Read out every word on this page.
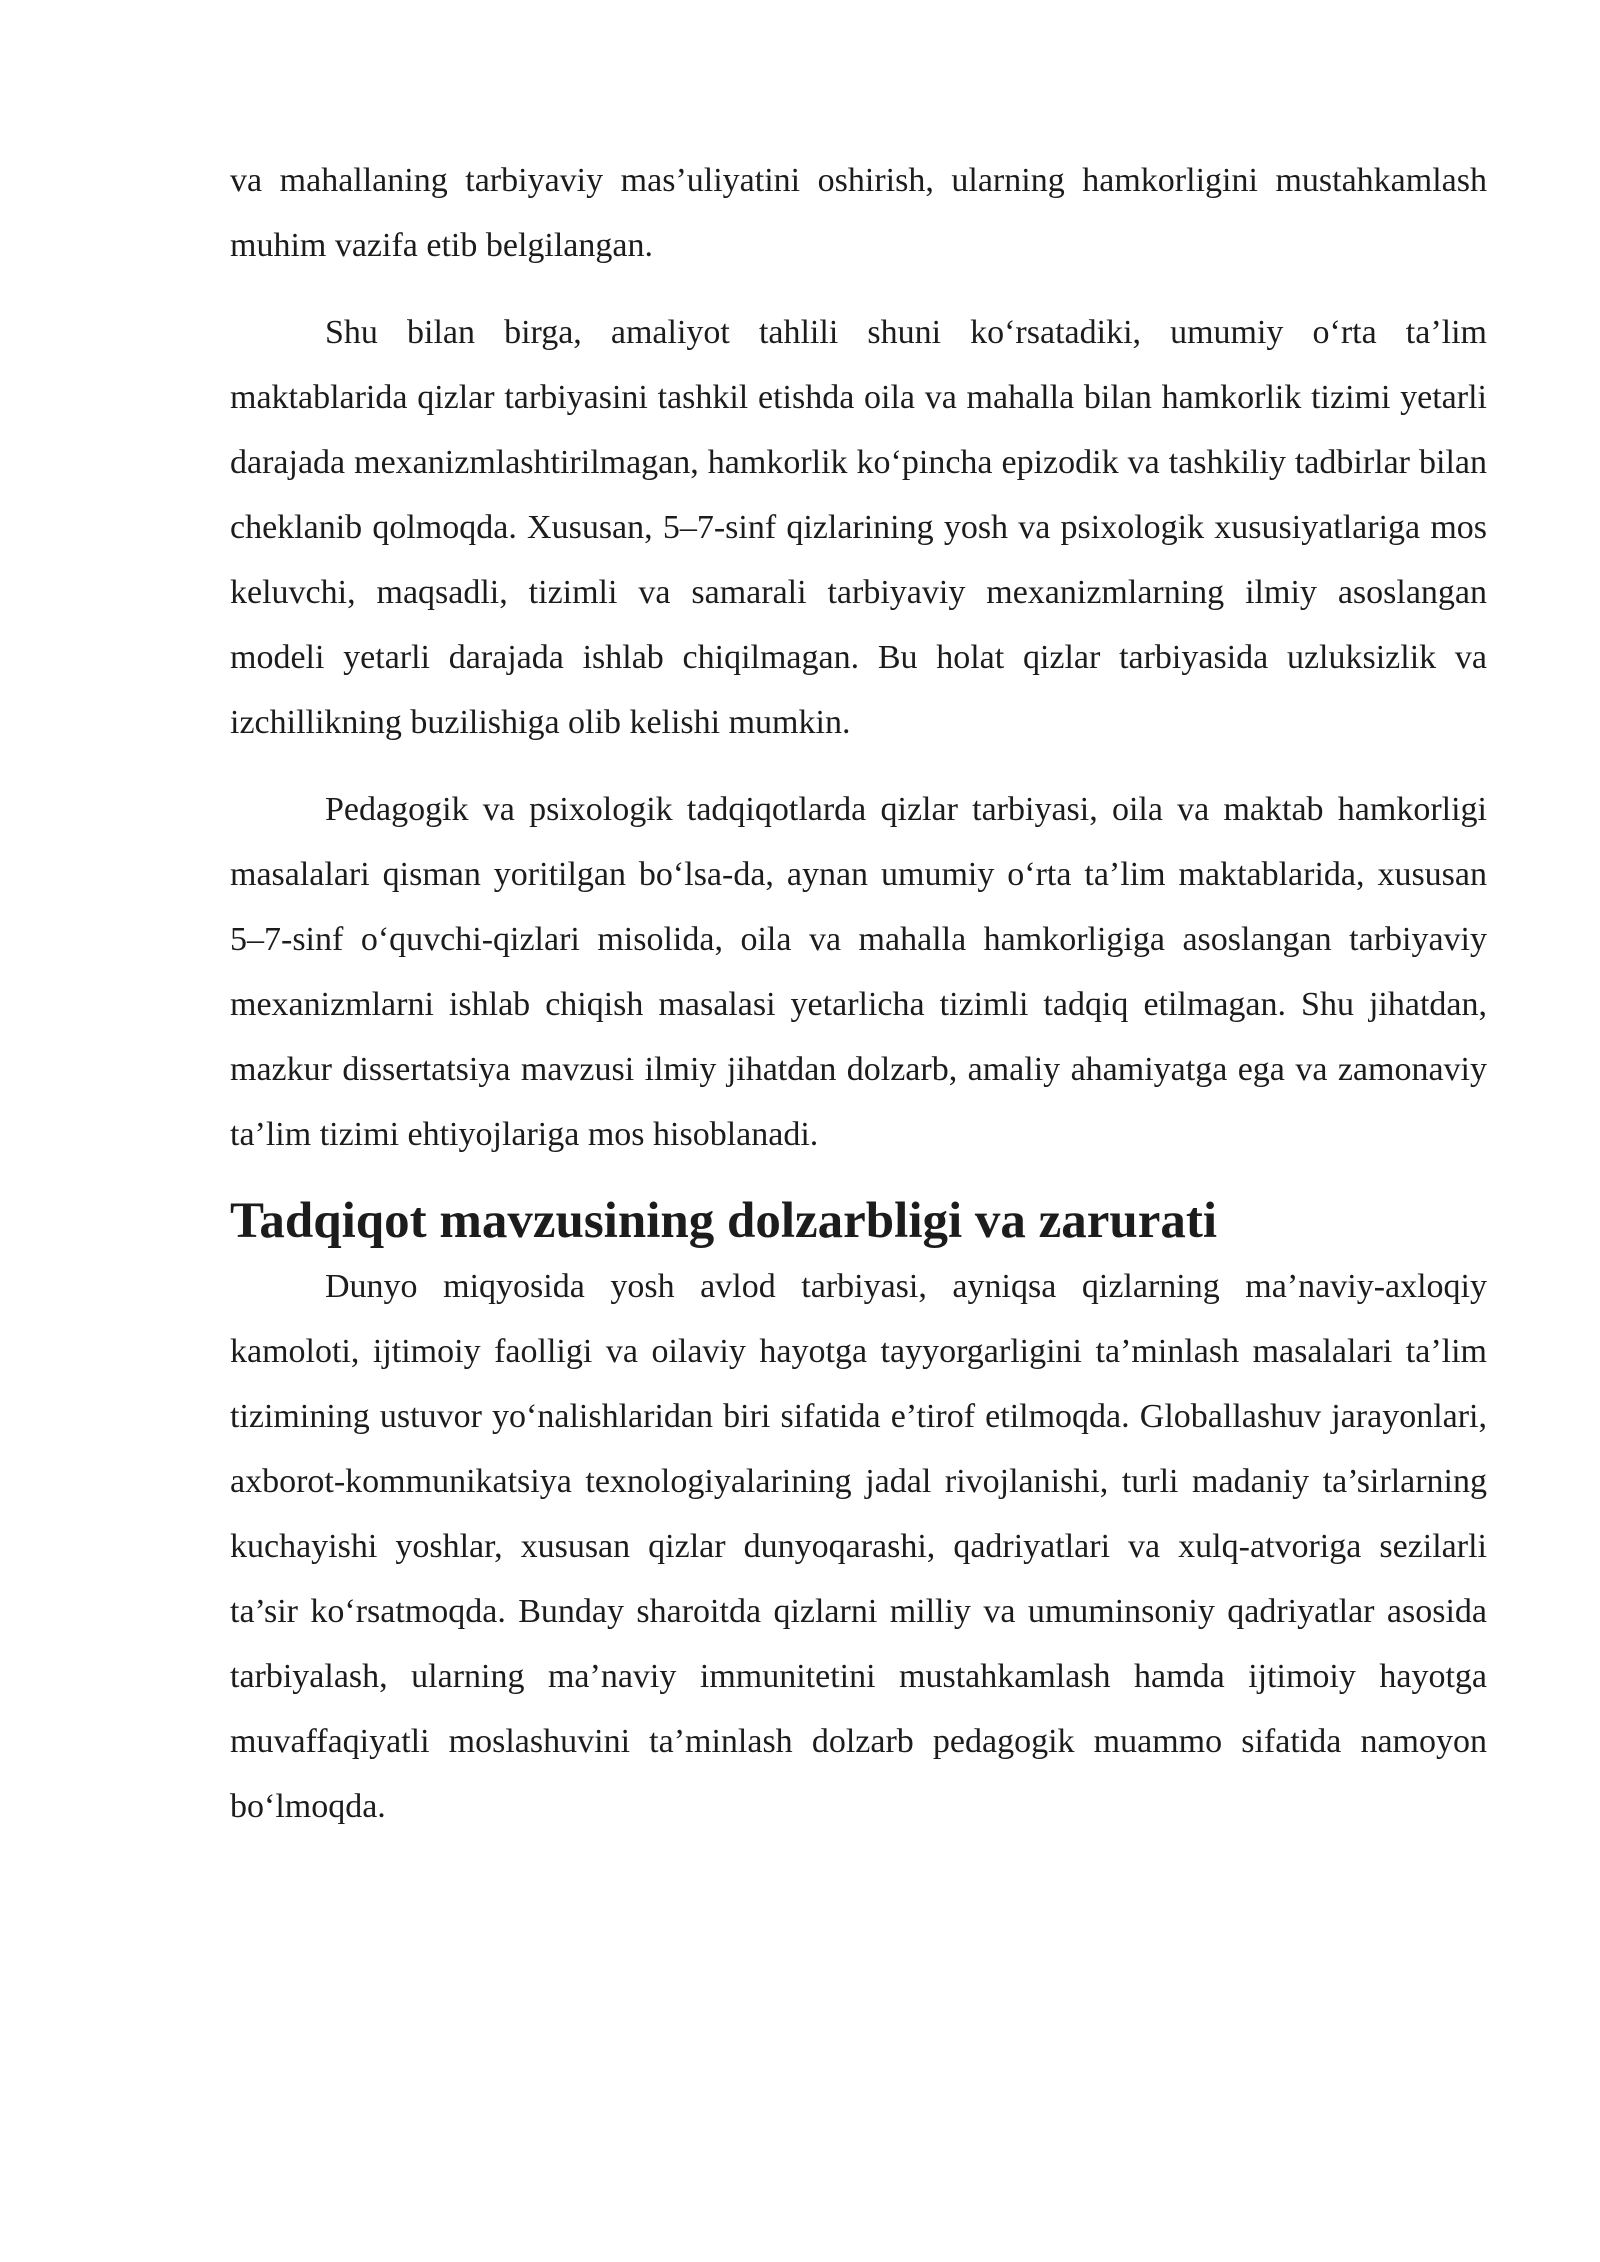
va mahallaning tarbiyaviy mas’uliyatini oshirish, ularning hamkorligini mustahkamlash muhim vazifa etib belgilangan.

Shu bilan birga, amaliyot tahlili shuni koʻrsatadiki, umumiy oʻrta ta’lim maktablarida qizlar tarbiyasini tashkil etishda oila va mahalla bilan hamkorlik tizimi yetarli darajada mexanizmlashtirilmagan, hamkorlik koʻpincha epizodik va tashkiliy tadbirlar bilan cheklanib qolmoqda. Xususan, 5–7-sinf qizlarining yosh va psixologik xususiyatlariga mos keluvchi, maqsadli, tizimli va samarali tarbiyaviy mexanizmlarning ilmiy asoslangan modeli yetarli darajada ishlab chiqilmagan. Bu holat qizlar tarbiyasida uzluksizlik va izchillikning buzilishiga olib kelishi mumkin.

Pedagogik va psixologik tadqiqotlarda qizlar tarbiyasi, oila va maktab hamkorligi masalalari qisman yoritilgan boʻlsa-da, aynan umumiy oʻrta ta’lim maktablarida, xususan 5–7-sinf oʻquvchi-qizlari misolida, oila va mahalla hamkorligiga asoslangan tarbiyaviy mexanizmlarni ishlab chiqish masalasi yetarlicha tizimli tadqiq etilmagan. Shu jihatdan, mazkur dissertatsiya mavzusi ilmiy jihatdan dolzarb, amaliy ahamiyatga ega va zamonaviy ta’lim tizimi ehtiyojlariga mos hisoblanadi.

Tadqiqot mavzusining dolzarbligi va zarurati

Dunyo miqyosida yosh avlod tarbiyasi, ayniqsa qizlarning ma’naviy-axloqiy kamoloti, ijtimoiy faolligi va oilaviy hayotga tayyorgarligini ta’minlash masalalari ta’lim tizimining ustuvor yoʻnalishlaridan biri sifatida e’tirof etilmoqda. Globallashuv jarayonlari, axborot-kommunikatsiya texnologiyalarining jadal rivojlanishi, turli madaniy ta’sirlarning kuchayishi yoshlar, xususan qizlar dunyoqarashi, qadriyatlari va xulq-atvoriga sezilarli ta’sir koʻrsatmoqda. Bunday sharoitda qizlarni milliy va umuminsoniy qadriyatlar asosida tarbiyalash, ularning ma’naviy immunitetini mustahkamlash hamda ijtimoiy hayotga muvaffaqiyatli moslashuvini ta’minlash dolzarb pedagogik muammo sifatida namoyon boʻlmoqda.
